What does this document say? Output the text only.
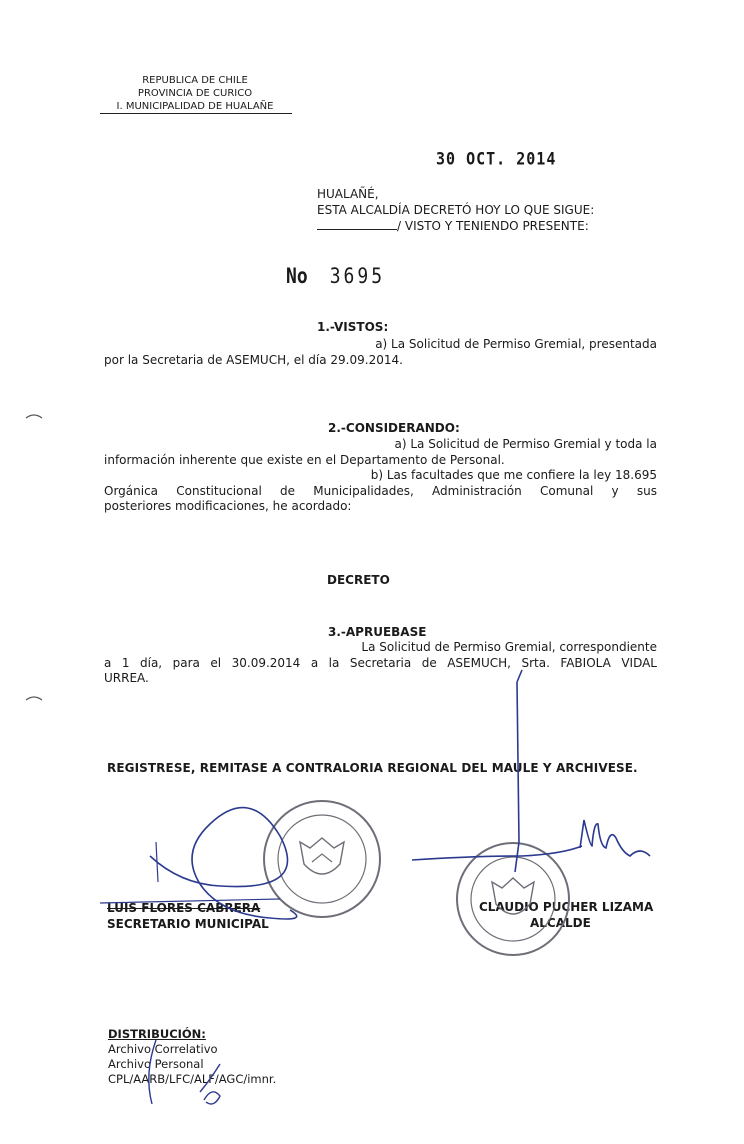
REPUBLICA DE CHILE
PROVINCIA DE CURICO
I. MUNICIPALIDAD DE HUALAÑE
30 OCT. 2014
HUALAÑÉ,
ESTA ALCALDÍA DECRETÓ HOY LO QUE SIGUE:
/ VISTO Y TENIENDO PRESENTE:
No 3695
1.-VISTOS:
a) La Solicitud de Permiso Gremial, presentada
por la Secretaria de ASEMUCH, el día 29.09.2014.
2.-CONSIDERANDO:
a) La Solicitud de Permiso Gremial y toda la
información inherente que existe en el Departamento de Personal.
b) Las facultades que me confiere la ley 18.695
Orgánica Constitucional de Municipalidades, Administración Comunal y sus
posteriores modificaciones, he acordado:
DECRETO
3.-APRUEBASE
La Solicitud de Permiso Gremial, correspondiente
a 1 día, para el 30.09.2014 a la Secretaria de ASEMUCH, Srta. FABIOLA VIDAL
URREA.
REGISTRESE, REMITASE A CONTRALORIA REGIONAL DEL MAULE Y ARCHIVESE.
LUIS FLORES CABRERA
SECRETARIO MUNICIPAL
CLAUDIO PUCHER LIZAMA
ALCALDE
DISTRIBUCIÓN:
Archivo Correlativo
Archivo Personal
CPL/AARB/LFC/ALF/AGC/imnr.
